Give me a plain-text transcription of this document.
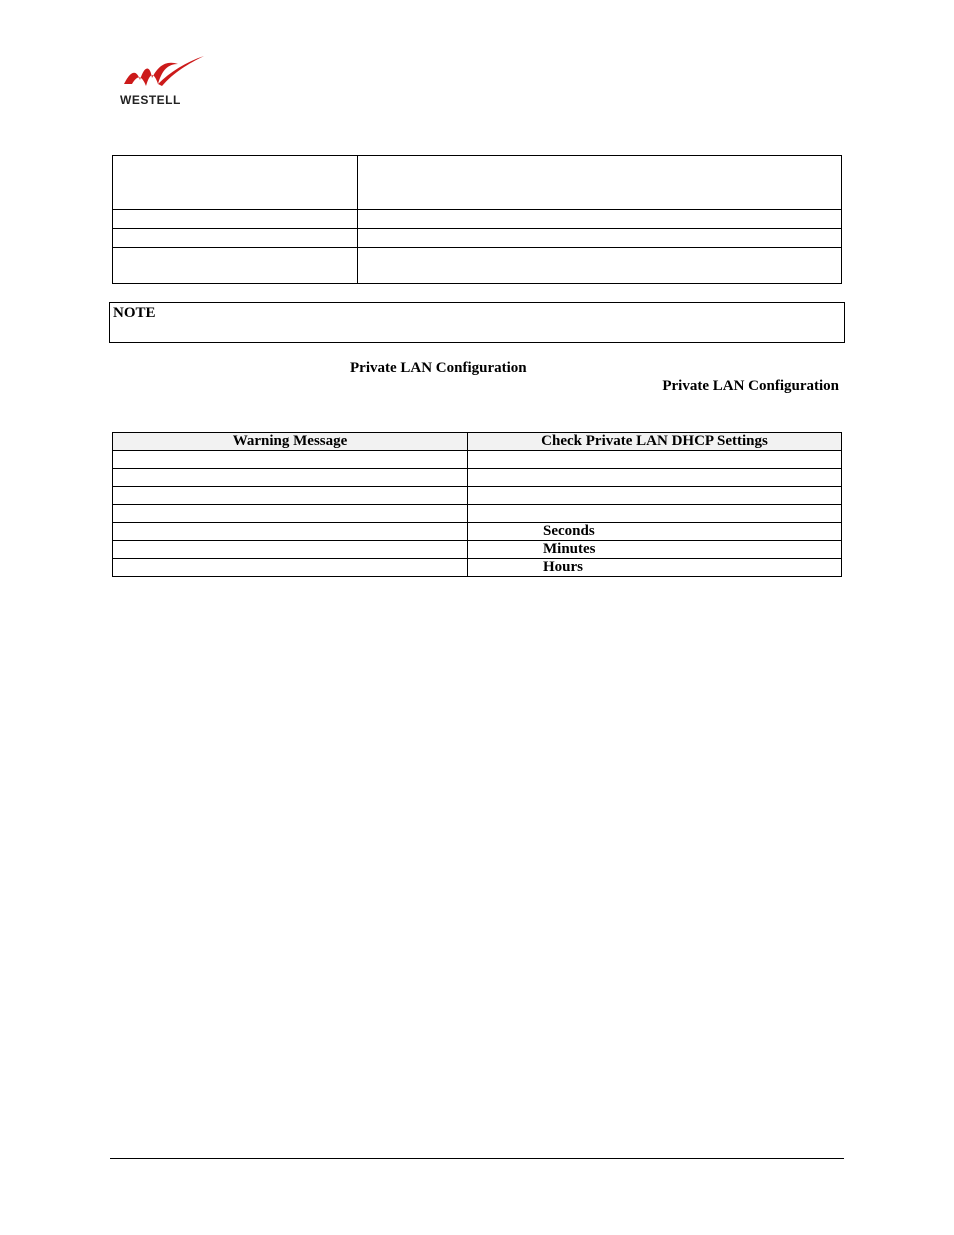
WESTELL

NOTE
Private LAN Configuration
Private LAN Configuration
Warning Message	Check Private LAN DHCP Settings

	Seconds
	Minutes
	Hours
